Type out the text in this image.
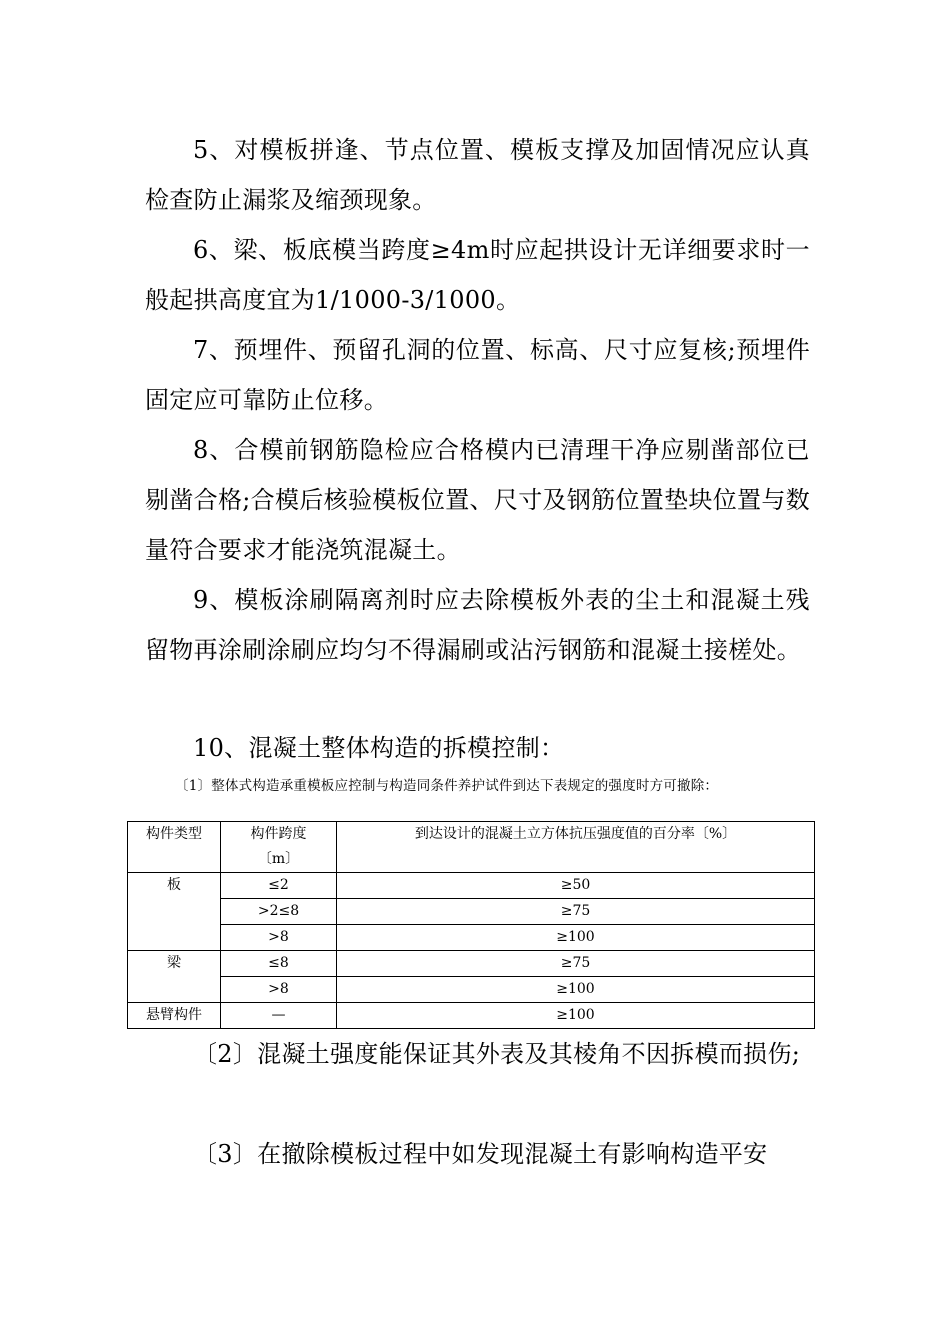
5、对模板拼逢、节点位置、模板支撑及加固情况应认真检查防止漏浆及缩颈现象。

6、梁、板底模当跨度≥4m时应起拱设计无详细要求时一般起拱高度宜为1/1000-3/1000。

7、预埋件、预留孔洞的位置、标高、尺寸应复核;预埋件固定应可靠防止位移。

8、合模前钢筋隐检应合格模内已清理干净应剔凿部位已剔凿合格;合模后核验模板位置、尺寸及钢筋位置垫块位置与数量符合要求才能浇筑混凝土。

9、模板涂刷隔离剂时应去除模板外表的尘土和混凝土残留物再涂刷涂刷应均匀不得漏刷或沾污钢筋和混凝土接槎处。

10、混凝土整体构造的拆模控制：

〔1〕整体式构造承重模板应控制与构造同条件养护试件到达下表规定的强度时方可撤除：

构件类型	构件跨度〔m〕	到达设计的混凝土立方体抗压强度值的百分率〔%〕
板	≤2	≥50
	>2≤8	≥75
	>8	≥100
梁	≤8	≥75
	>8	≥100
悬臂构件	—	≥100

〔2〕混凝土强度能保证其外表及其棱角不因拆模而损伤;

〔3〕在撤除模板过程中如发现混凝土有影响构造平安
